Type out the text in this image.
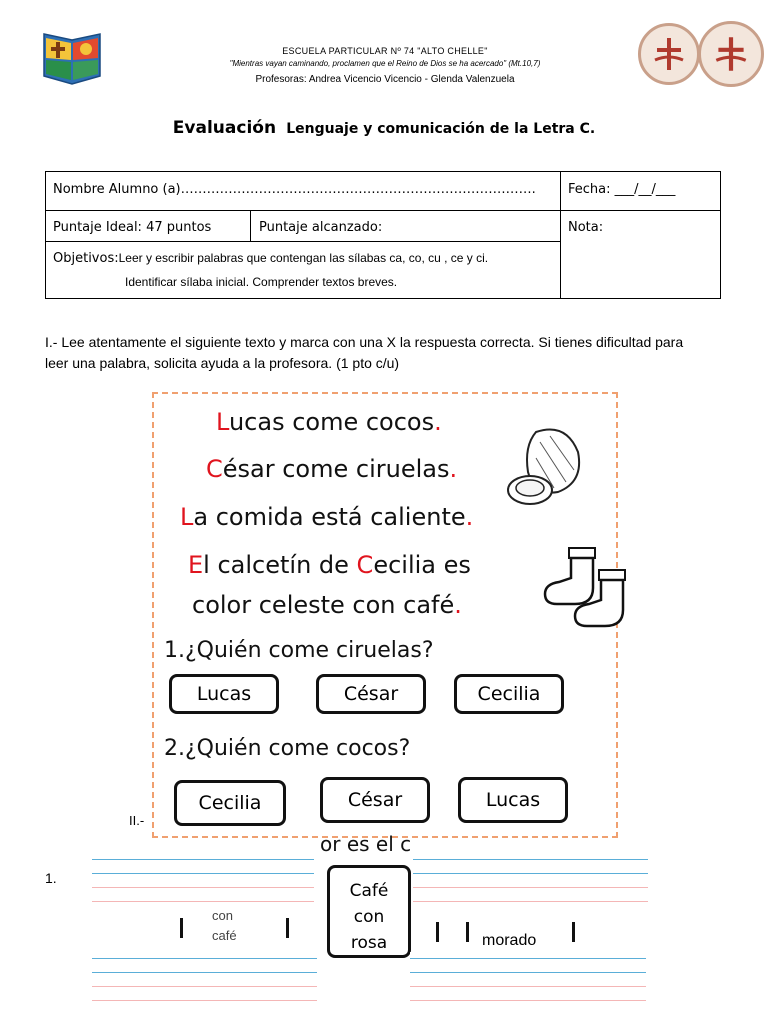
ESCUELA PARTICULAR Nº 74 "ALTO CHELLE"
"Mientras vayan caminando, proclamen que el Reino de Dios se ha acercado" (Mt.10,7)
Profesoras: Andrea Vicencio Vicencio - Glenda Valenzuela
Evaluación Lenguaje y comunicación de la Letra C.
Nombre Alumno (a)………………………………………………………………………. Fecha: ___/__/___
Puntaje Ideal: 47 puntos	Puntaje alcanzado:	Nota:
Objetivos:Leer y escribir palabras que contengan las sílabas ca, co, cu , ce y ci.
Identificar sílaba inicial. Comprender textos breves.
I.- Lee atentamente el siguiente texto y marca con una X la respuesta correcta. Si tienes dificultad para leer una palabra, solicita ayuda a la profesora. (1 pto c/u)
Lucas come cocos.
César come ciruelas.
La comida está caliente.
El calcetín de Cecilia es
color celeste con café.
1.¿Quién come ciruelas?
Lucas	César	Cecilia
2.¿Quién come cocos?
Cecilia	César	Lucas
or es el c
II.-
1.
con
café	morado
Café
con
rosa
